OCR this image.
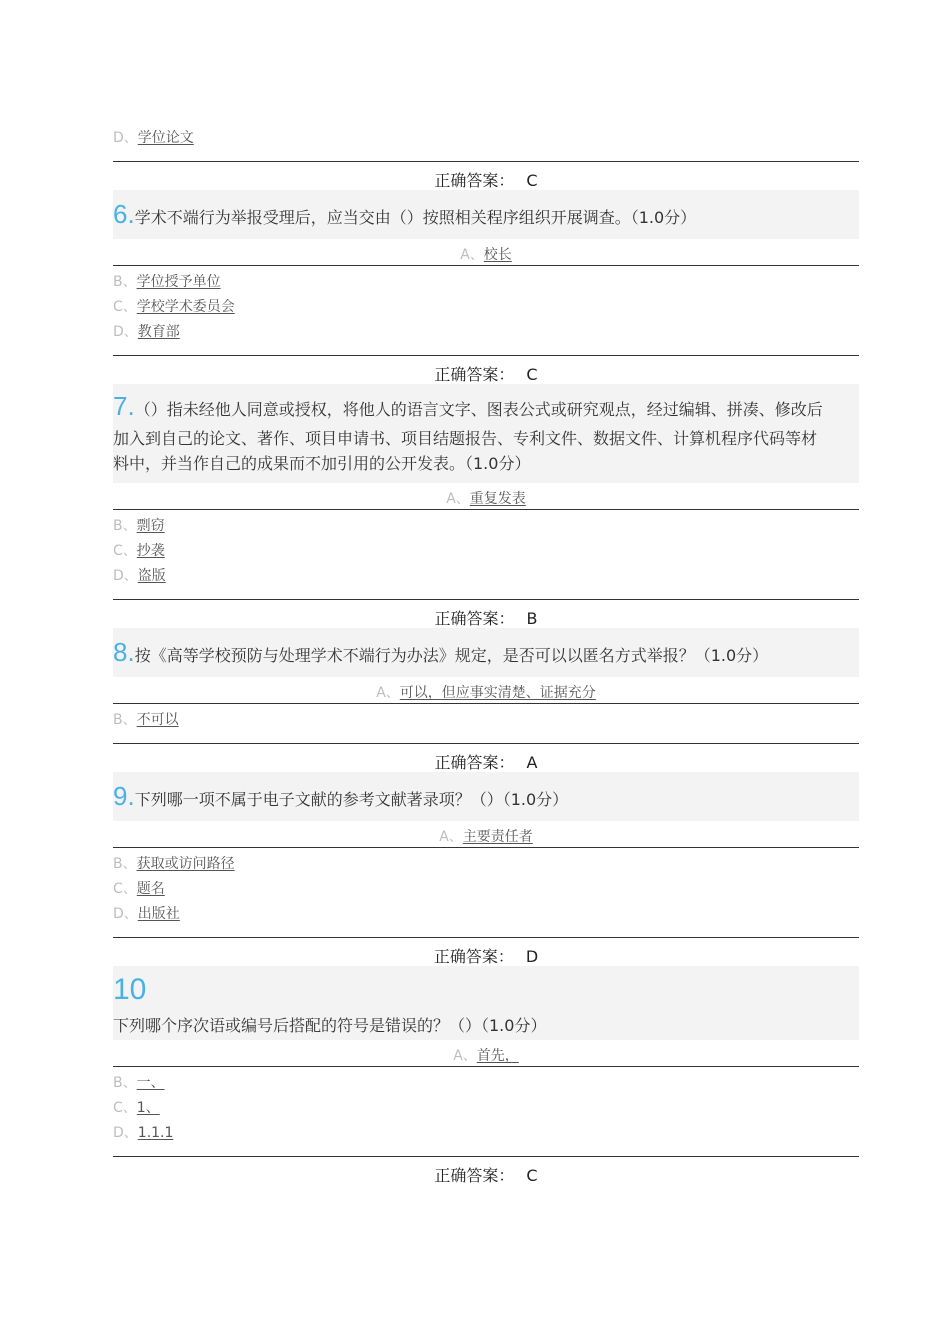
D、学位论文
正确答案： C
6.学术不端行为举报受理后，应当交由（）按照相关程序组织开展调查。（1.0分）
A、校长
B、学位授予单位
C、学校学术委员会
D、教育部
正确答案： C
7.（）指未经他人同意或授权，将他人的语言文字、图表公式或研究观点，经过编辑、拼凑、修改后
加入到自己的论文、著作、项目申请书、项目结题报告、专利文件、数据文件、计算机程序代码等材
料中，并当作自己的成果而不加引用的公开发表。（1.0分）
A、重复发表
B、剽窃
C、抄袭
D、盗版
正确答案： B
8.按《高等学校预防与处理学术不端行为办法》规定，是否可以以匿名方式举报？（1.0分）
A、可以，但应事实清楚、证据充分
B、不可以
正确答案： A
9.下列哪一项不属于电子文献的参考文献著录项？（）（1.0分）
A、主要责任者
B、获取或访问路径
C、题名
D、出版社
正确答案： D
10
下列哪个序次语或编号后搭配的符号是错误的？（）（1.0分）
A、首先，
B、一、
C、1、
D、1.1.1
正确答案： C
